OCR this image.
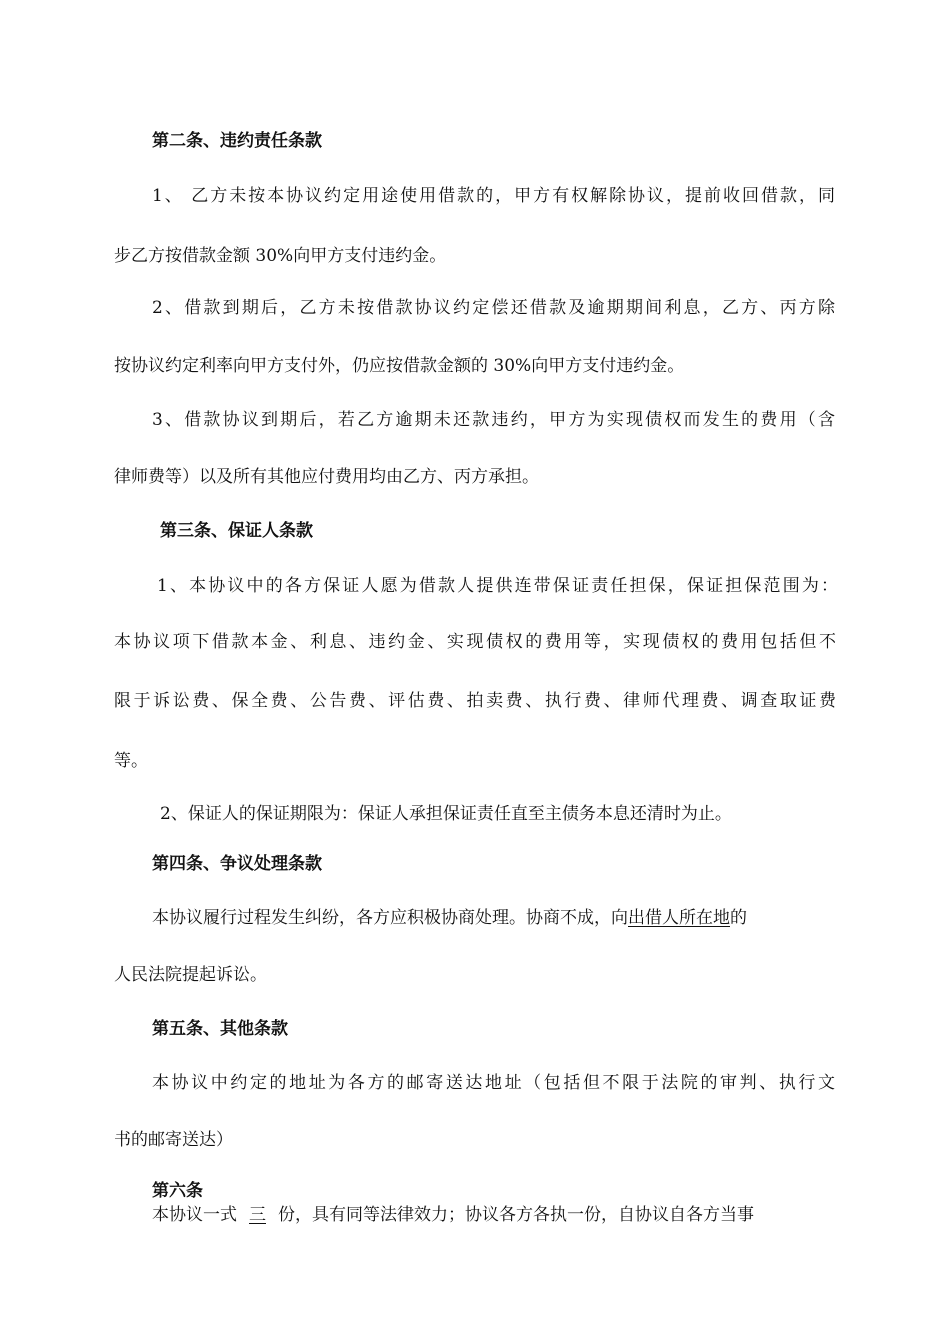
第二条、违约责任条款
1、 乙方未按本协议约定用途使用借款的，甲方有权解除协议，提前收回借款，同
步乙方按借款金额 30%向甲方支付违约金。
2、借款到期后，乙方未按借款协议约定偿还借款及逾期期间利息，乙方、丙方除
按协议约定利率向甲方支付外，仍应按借款金额的 30%向甲方支付违约金。
3、借款协议到期后，若乙方逾期未还款违约，甲方为实现债权而发生的费用（含
律师费等）以及所有其他应付费用均由乙方、丙方承担。
第三条、保证人条款
1、本协议中的各方保证人愿为借款人提供连带保证责任担保，保证担保范围为：
本协议项下借款本金、利息、违约金、实现债权的费用等，实现债权的费用包括但不
限于诉讼费、保全费、公告费、评估费、拍卖费、执行费、律师代理费、调查取证费
等。
2、保证人的保证期限为：保证人承担保证责任直至主债务本息还清时为止。
第四条、争议处理条款
本协议履行过程发生纠纷，各方应积极协商处理。协商不成，向出借人所在地的
人民法院提起诉讼。
第五条、其他条款
本协议中约定的地址为各方的邮寄送达地址（包括但不限于法院的审判、执行文
书的邮寄送达）
第六条
本协议一式 三 份，具有同等法律效力；协议各方各执一份，自协议自各方当事
